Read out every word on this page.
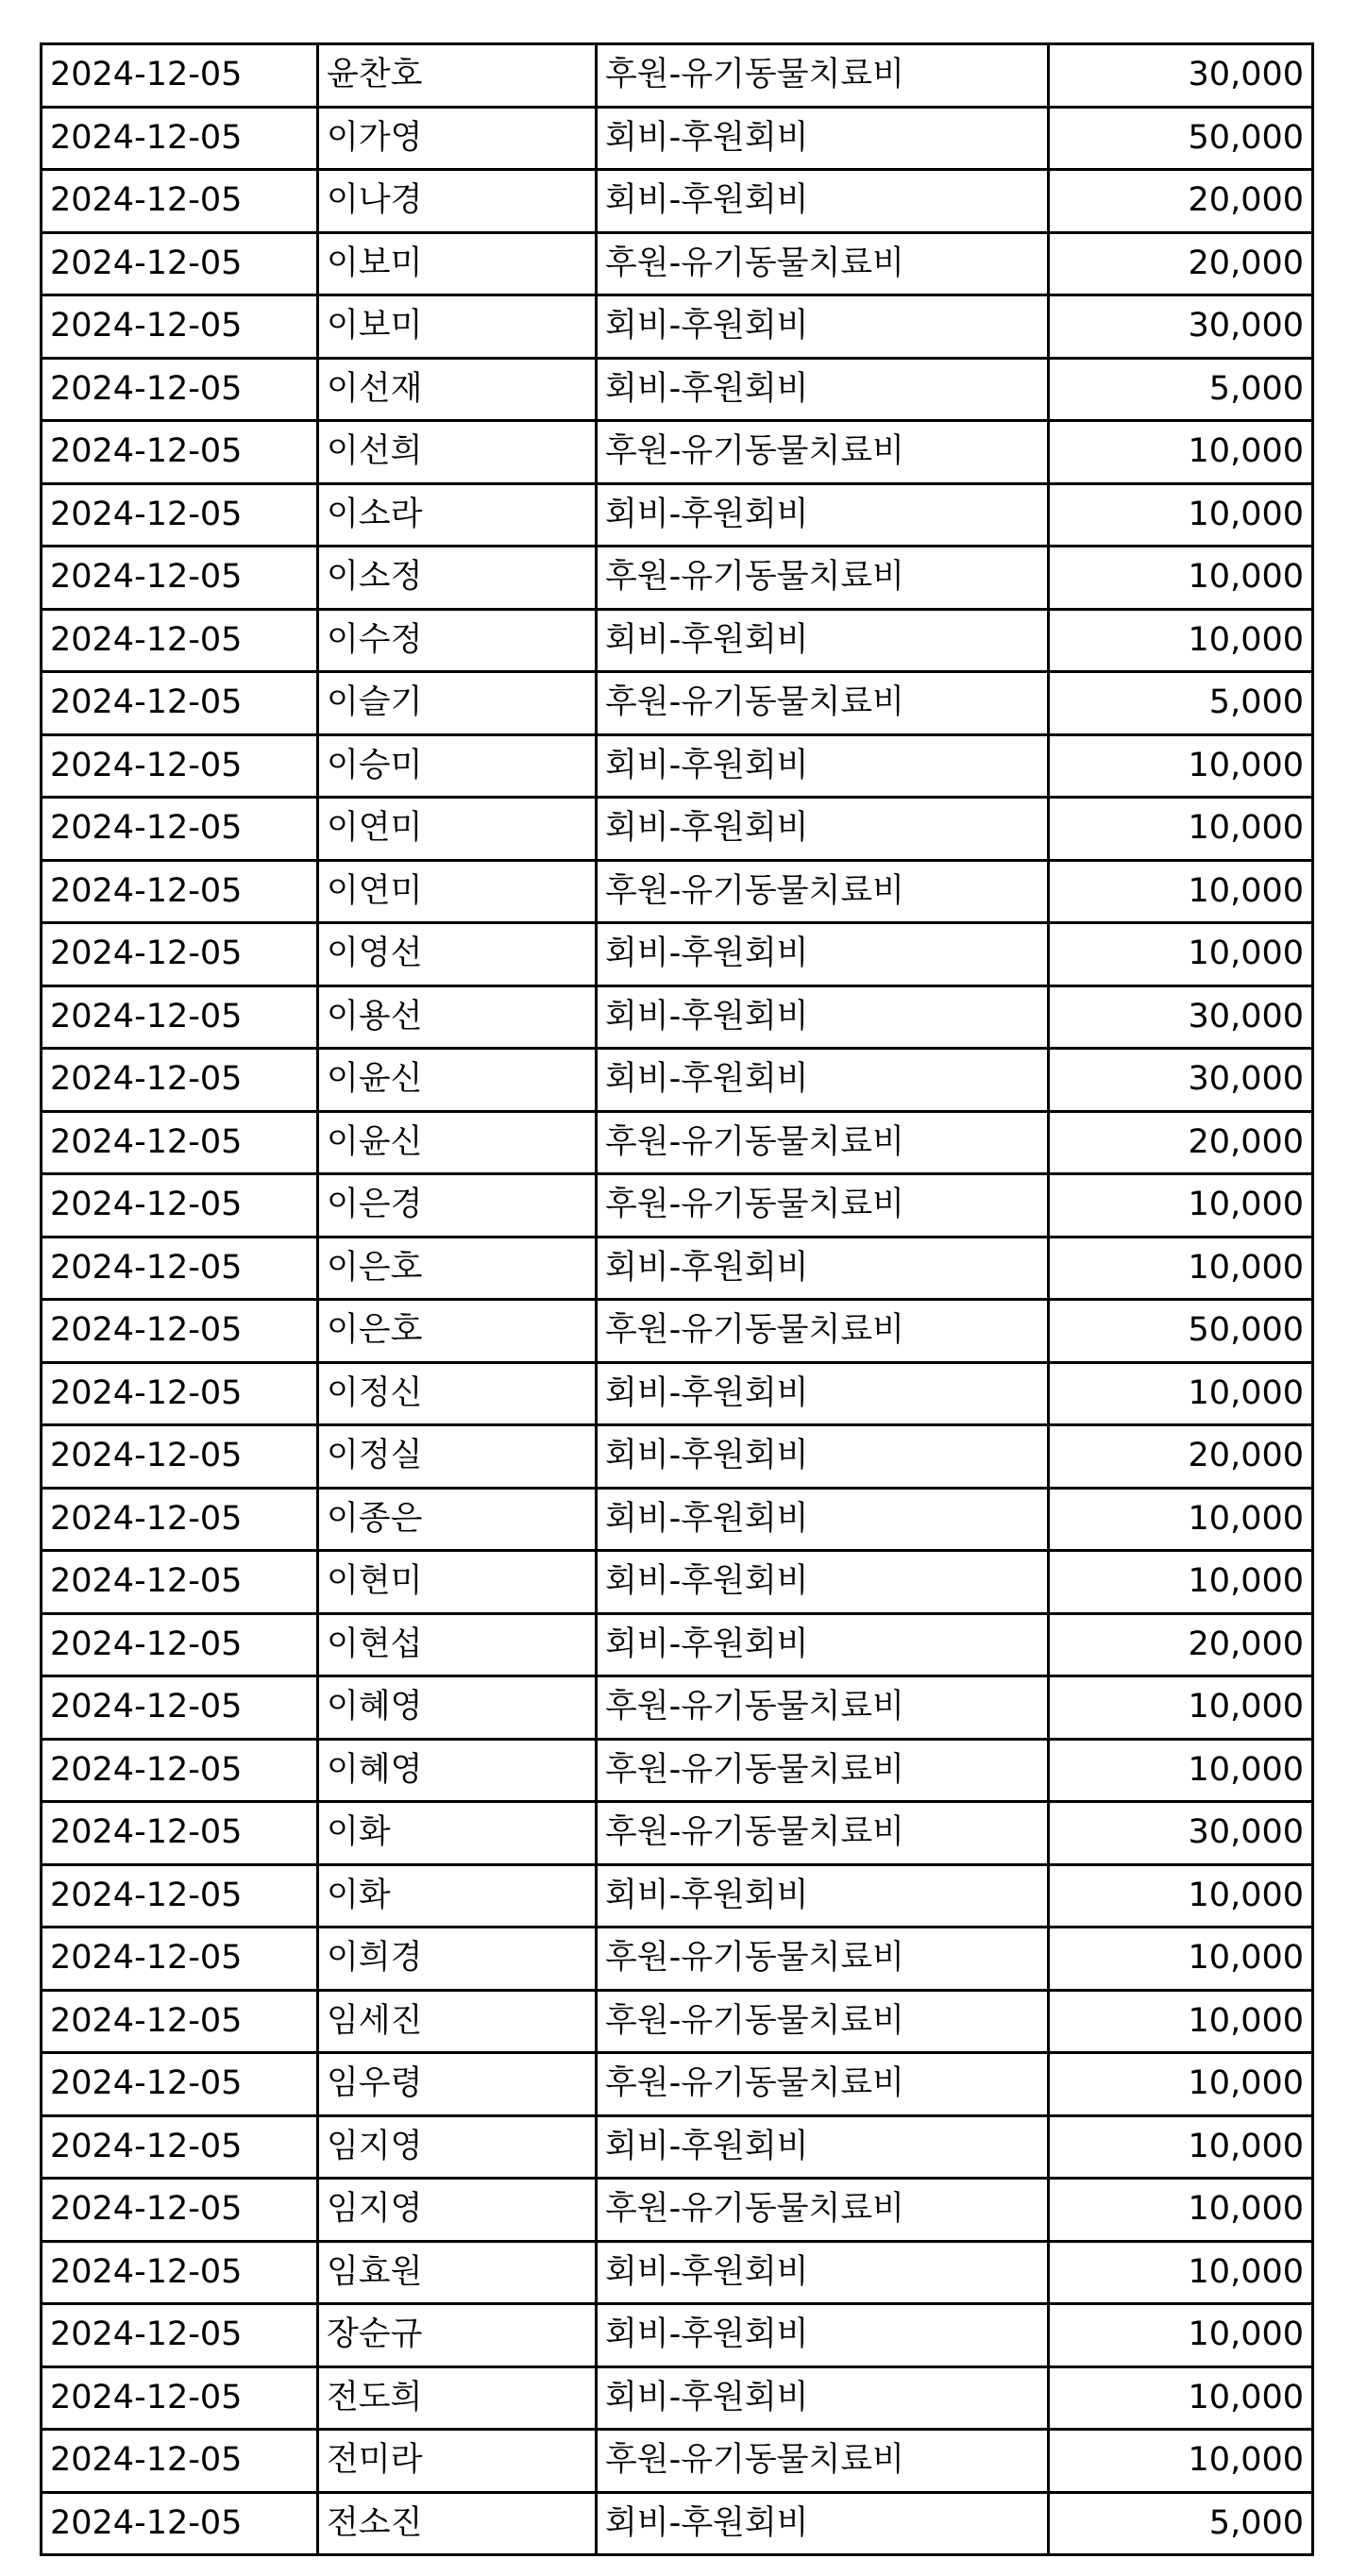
2024-12-05	윤찬호	후원-유기동물치료비	30,000
2024-12-05	이가영	회비-후원회비	50,000
2024-12-05	이나경	회비-후원회비	20,000
2024-12-05	이보미	후원-유기동물치료비	20,000
2024-12-05	이보미	회비-후원회비	30,000
2024-12-05	이선재	회비-후원회비	5,000
2024-12-05	이선희	후원-유기동물치료비	10,000
2024-12-05	이소라	회비-후원회비	10,000
2024-12-05	이소정	후원-유기동물치료비	10,000
2024-12-05	이수정	회비-후원회비	10,000
2024-12-05	이슬기	후원-유기동물치료비	5,000
2024-12-05	이승미	회비-후원회비	10,000
2024-12-05	이연미	회비-후원회비	10,000
2024-12-05	이연미	후원-유기동물치료비	10,000
2024-12-05	이영선	회비-후원회비	10,000
2024-12-05	이용선	회비-후원회비	30,000
2024-12-05	이윤신	회비-후원회비	30,000
2024-12-05	이윤신	후원-유기동물치료비	20,000
2024-12-05	이은경	후원-유기동물치료비	10,000
2024-12-05	이은호	회비-후원회비	10,000
2024-12-05	이은호	후원-유기동물치료비	50,000
2024-12-05	이정신	회비-후원회비	10,000
2024-12-05	이정실	회비-후원회비	20,000
2024-12-05	이종은	회비-후원회비	10,000
2024-12-05	이현미	회비-후원회비	10,000
2024-12-05	이현섭	회비-후원회비	20,000
2024-12-05	이혜영	후원-유기동물치료비	10,000
2024-12-05	이혜영	후원-유기동물치료비	10,000
2024-12-05	이화	후원-유기동물치료비	30,000
2024-12-05	이화	회비-후원회비	10,000
2024-12-05	이희경	후원-유기동물치료비	10,000
2024-12-05	임세진	후원-유기동물치료비	10,000
2024-12-05	임우령	후원-유기동물치료비	10,000
2024-12-05	임지영	회비-후원회비	10,000
2024-12-05	임지영	후원-유기동물치료비	10,000
2024-12-05	임효원	회비-후원회비	10,000
2024-12-05	장순규	회비-후원회비	10,000
2024-12-05	전도희	회비-후원회비	10,000
2024-12-05	전미라	후원-유기동물치료비	10,000
2024-12-05	전소진	회비-후원회비	5,000
